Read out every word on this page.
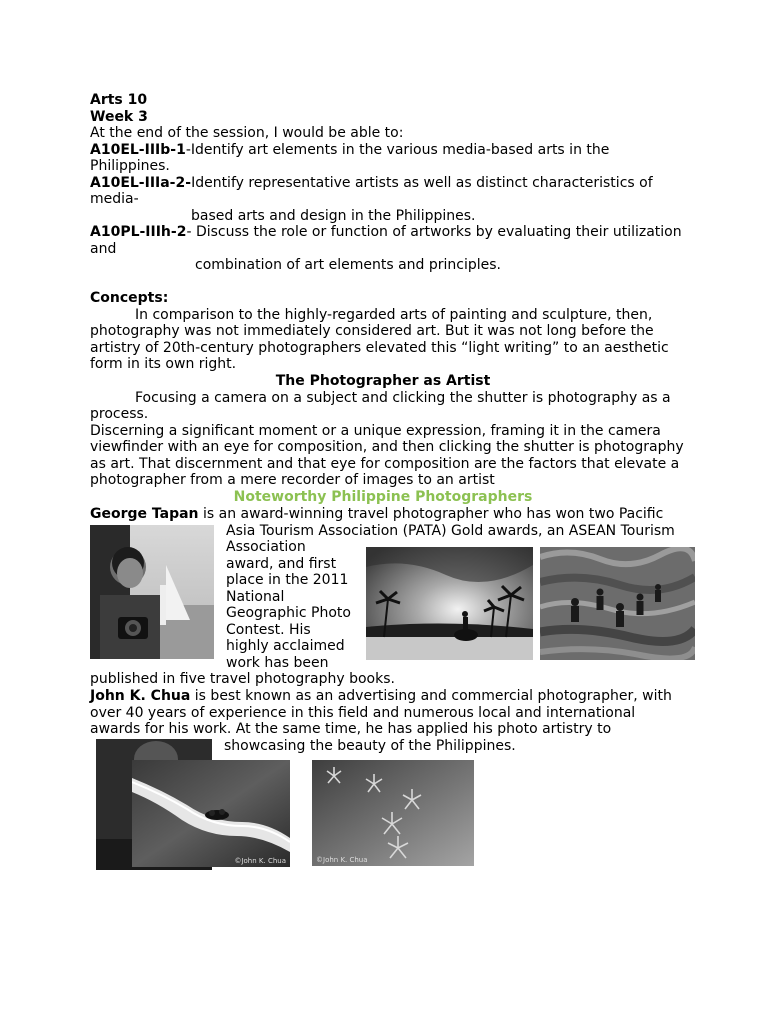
Arts 10
Week 3
At the end of the session, I would be able to:
A10EL-IIIb-1-Identify art elements in the various media-based arts in the
Philippines.
A10EL-IIIa-2-Identify representative artists as well as distinct characteristics of
media-
based arts and design in the Philippines.
A10PL-IIIh-2- Discuss the role or function of artworks by evaluating their utilization
and
combination of art elements and principles.
Concepts:
In comparison to the highly-regarded arts of painting and sculpture, then,
photography was not immediately considered art. But it was not long before the
artistry of 20th-century photographers elevated this “light writing” to an aesthetic
form in its own right.
The Photographer as Artist
Focusing a camera on a subject and clicking the shutter is photography as a
process.
Discerning a significant moment or a unique expression, framing it in the camera
viewfinder with an eye for composition, and then clicking the shutter is photography
as art. That discernment and that eye for composition are the factors that elevate a
photographer from a mere recorder of images to an artist
Noteworthy Philippine Photographers
George Tapan is an award-winning travel photographer who has won two Pacific
Asia Tourism Association (PATA) Gold awards, an ASEAN Tourism
Association
award, and first
place in the 2011
National
Geographic Photo
Contest. His
highly acclaimed
work has been
published in five travel photography books.
John K. Chua is best known as an advertising and commercial photographer, with
over 40 years of experience in this field and numerous local and international
awards for his work. At the same time, he has applied his photo artistry to
showcasing the beauty of the Philippines.
©John K. Chua	©John K. Chua
